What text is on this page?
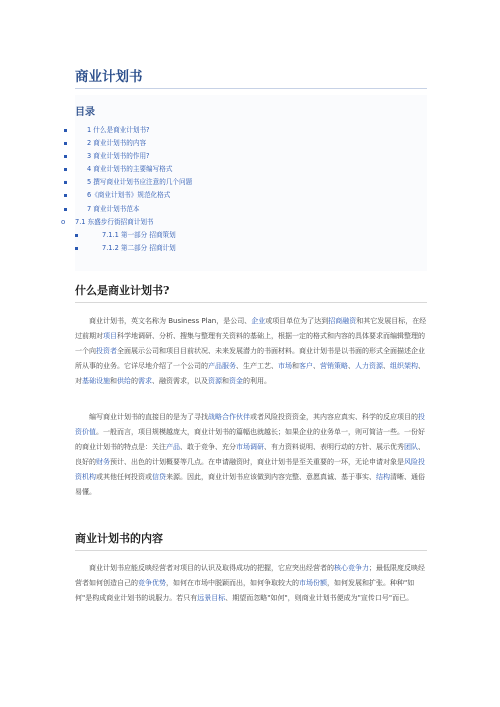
商业计划书
目录
1 什么是商业计划书?
2 商业计划书的内容
3 商业计划书的作用?
4 商业计划书的主要编写格式
5 撰写商业计划书应注意的几个问题
6《商业计划书》规范化格式
7 商业计划书范本
o 7.1 东盛步行街招商计划书
7.1.1 第一部分 招商策划
7.1.2 第二部分 招商计划
什么是商业计划书?

商业计划书，英文名称为 Business Plan，是公司、企业或项目单位为了达到招商融资和其它发展目标，在经过前期对项目科学地调研、分析、搜集与整理有关资料的基础上，根据一定的格式和内容的具体要求而编辑整理的一个向投资者全面展示公司和项目目前状况、未来发展潜力的书面材料。商业计划书是以书面的形式全面描述企业所从事的业务。它详尽地介绍了一个公司的产品服务、生产工艺、市场和客户、营销策略、人力资源、组织架构、对基础设施和供给的需求、融资需求，以及资源和资金的利用。

编写商业计划书的直接目的是为了寻找战略合作伙伴或者风险投资资金，其内容应真实、科学的反应项目的投资价值。一般而言，项目规模越庞大，商业计划书的篇幅也就越长；如果企业的业务单一，则可简洁一些。一份好的商业计划书的特点是：关注产品、敢于竞争、充分市场调研、有力资料说明、表明行动的方针、展示优秀团队、良好的财务预计、出色的计划概要等几点。在申请融资时，商业计划书是至关重要的一环，无论申请对象是风险投资机构或其他任何投资或信贷来源。因此，商业计划书应该做到内容完整、意愿真诚、基于事实、结构清晰、通俗易懂。

商业计划书的内容

商业计划书应能反映经营者对项目的认识及取得成功的把握，它应突出经营者的核心竞争力；最低限度反映经营者如何创造自己的竞争优势，如何在市场中脱颖而出，如何争取较大的市场份额，如何发展和扩张。种种"如何"是构成商业计划书的说服力。若只有远景目标、期望而忽略"如何"，则商业计划书便成为"宣传口号"而已。
